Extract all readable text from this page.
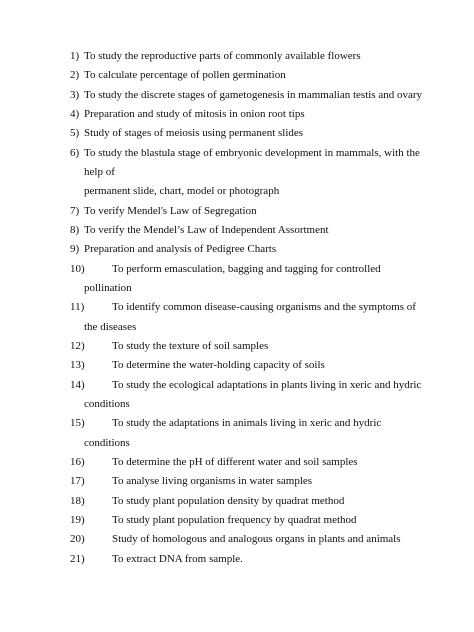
1) To study the reproductive parts of commonly available flowers
2) To calculate percentage of pollen germination
3) To study the discrete stages of gametogenesis in mammalian testis and ovary
4) Preparation and study of mitosis in onion root tips
5) Study of stages of meiosis using permanent slides
6) To study the blastula stage of embryonic development in mammals, with the
help of
permanent slide, chart, model or photograph
7) To verify Mendel's Law of Segregation
8) To verify the Mendel’s Law of Independent Assortment
9) Preparation and analysis of Pedigree Charts
10) To perform emasculation, bagging and tagging for controlled
pollination
11)	To identify common disease-causing organisms and the symptoms of
the diseases
12) To study the texture of soil samples
13) To determine the water-holding capacity of soils
14) To study the ecological adaptations in plants living in xeric and hydric
conditions
15) To study the adaptations in animals living in xeric and hydric
conditions
16) To determine the pH of different water and soil samples
17) To analyse living organisms in water samples
18) To study plant population density by quadrat method
19) To study plant population frequency by quadrat method
20) Study of homologous and analogous organs in plants and animals
21) To extract DNA from sample.
